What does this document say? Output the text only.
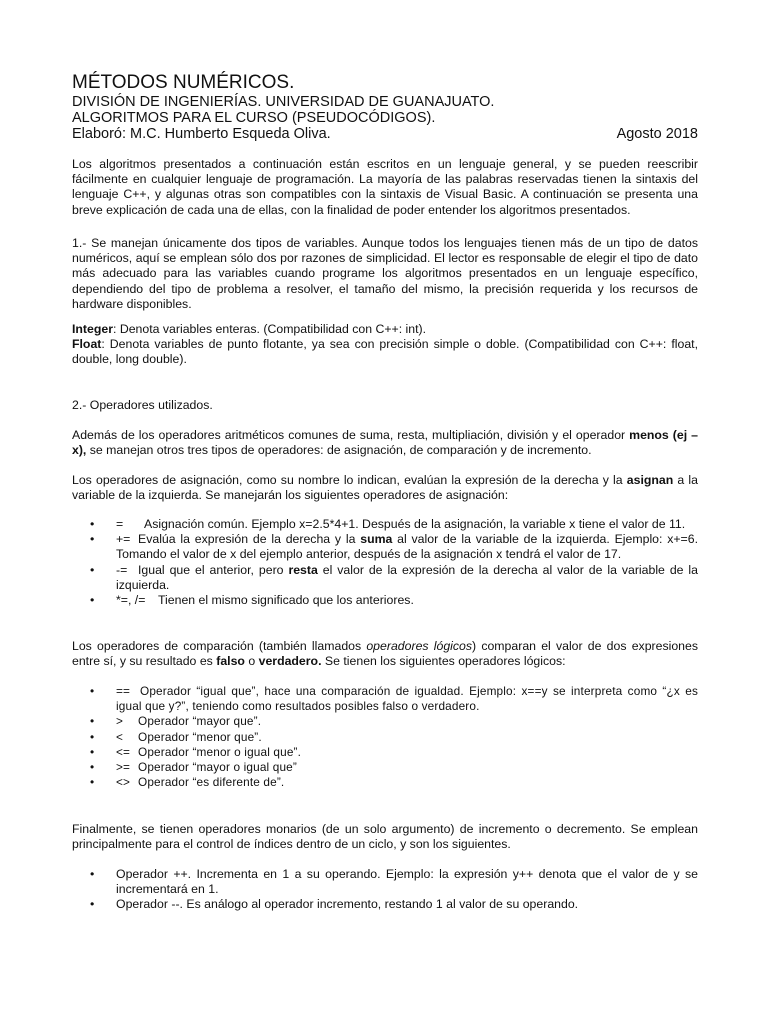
MÉTODOS NUMÉRICOS.
DIVISIÓN DE INGENIERÍAS. UNIVERSIDAD DE GUANAJUATO.
ALGORITMOS PARA EL CURSO (PSEUDOCÓDIGOS).
Elaboró: M.C. Humberto Esqueda Oliva.	Agosto 2018

Los algoritmos presentados a continuación están escritos en un lenguaje general, y se pueden reescribir fácilmente en cualquier lenguaje de programación. La mayoría de las palabras reservadas tienen la sintaxis del lenguaje C++, y algunas otras son compatibles con la sintaxis de Visual Basic. A continuación se presenta una breve explicación de cada una de ellas, con la finalidad de poder entender los algoritmos presentados.

1.- Se manejan únicamente dos tipos de variables. Aunque todos los lenguajes tienen más de un tipo de datos numéricos, aquí se emplean sólo dos por razones de simplicidad. El lector es responsable de elegir el tipo de dato más adecuado para las variables cuando programe los algoritmos presentados en un lenguaje específico, dependiendo del tipo de problema a resolver, el tamaño del mismo, la precisión requerida y los recursos de hardware disponibles.

Integer: Denota variables enteras. (Compatibilidad con C++: int).

Float: Denota variables de punto flotante, ya sea con precisión simple o doble. (Compatibilidad con C++: float, double, long double).

2.- Operadores utilizados.

Además de los operadores aritméticos comunes de suma, resta, multipliación, división y el operador menos (ej –x), se manejan otros tres tipos de operadores: de asignación, de comparación y de incremento.

Los operadores de asignación, como su nombre lo indican, evalúan la expresión de la derecha y la asignan a la variable de la izquierda. Se manejarán los siguientes operadores de asignación:

• = Asignación común. Ejemplo x=2.5*4+1. Después de la asignación, la variable x tiene el valor de 11.
• += Evalúa la expresión de la derecha y la suma al valor de la variable de la izquierda. Ejemplo: x+=6. Tomando el valor de x del ejemplo anterior, después de la asignación x tendrá el valor de 17.
• -= Igual que el anterior, pero resta el valor de la expresión de la derecha al valor de la variable de la izquierda.
• *=, /= Tienen el mismo significado que los anteriores.

Los operadores de comparación (también llamados operadores lógicos) comparan el valor de dos expresiones entre sí, y su resultado es falso o verdadero. Se tienen los siguientes operadores lógicos:

• == Operador “igual que”, hace una comparación de igualdad. Ejemplo: x==y se interpreta como “¿x es igual que y?”, teniendo como resultados posibles falso o verdadero.
• > Operador “mayor que”.
• < Operador “menor que”.
• <= Operador “menor o igual que”.
• >= Operador “mayor o igual que”
• <> Operador “es diferente de”.

Finalmente, se tienen operadores monarios (de un solo argumento) de incremento o decremento. Se emplean principalmente para el control de índices dentro de un ciclo, y son los siguientes.

• Operador ++. Incrementa en 1 a su operando. Ejemplo: la expresión y++ denota que el valor de y se incrementará en 1.
• Operador --. Es análogo al operador incremento, restando 1 al valor de su operando.
